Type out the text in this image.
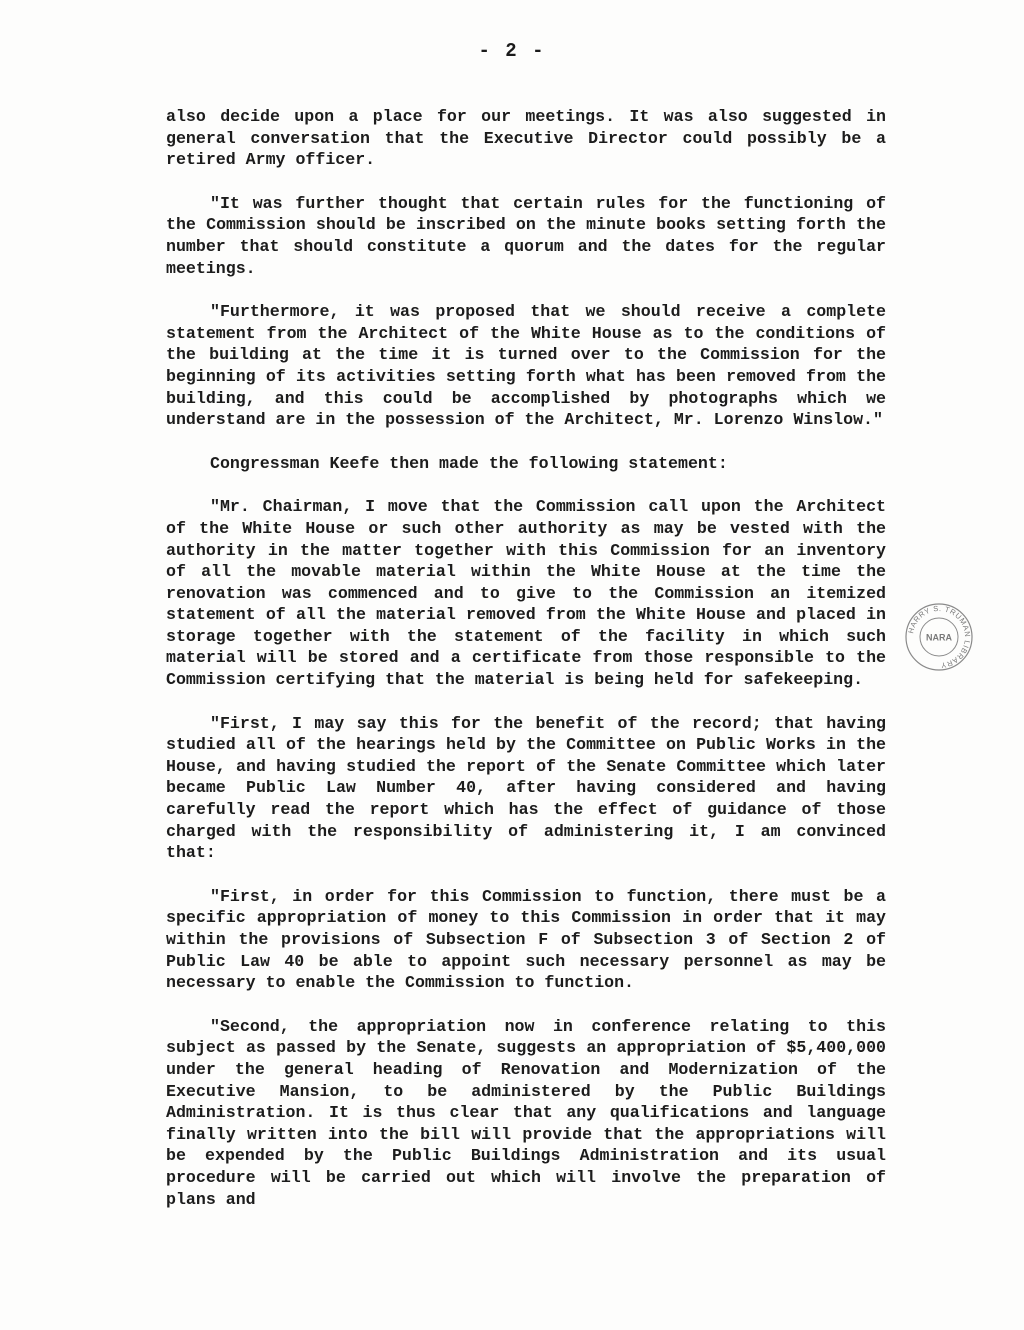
- 2 -

also decide upon a place for our meetings. It was also suggested in general conversation that the Executive Director could possibly be a retired Army officer.

"It was further thought that certain rules for the functioning of the Commission should be inscribed on the minute books setting forth the number that should constitute a quorum and the dates for the regular meetings.

"Furthermore, it was proposed that we should receive a complete statement from the Architect of the White House as to the conditions of the building at the time it is turned over to the Commission for the beginning of its activities setting forth what has been removed from the building, and this could be accomplished by photographs which we understand are in the possession of the Architect, Mr. Lorenzo Winslow."

Congressman Keefe then made the following statement:

"Mr. Chairman, I move that the Commission call upon the Architect of the White House or such other authority as may be vested with the authority in the matter together with this Commission for an inventory of all the movable material within the White House at the time the renovation was commenced and to give to the Commission an itemized statement of all the material removed from the White House and placed in storage together with the statement of the facility in which such material will be stored and a certificate from those responsible to the Commission certifying that the material is being held for safekeeping.

"First, I may say this for the benefit of the record; that having studied all of the hearings held by the Committee on Public Works in the House, and having studied the report of the Senate Committee which later became Public Law Number 40, after having considered and having carefully read the report which has the effect of guidance of those charged with the responsibility of administering it, I am convinced that:

"First, in order for this Commission to function, there must be a specific appropriation of money to this Commission in order that it may within the provisions of Subsection F of Subsection 3 of Section 2 of Public Law 40 be able to appoint such necessary personnel as may be necessary to enable the Commission to function.

"Second, the appropriation now in conference relating to this subject as passed by the Senate, suggests an appropriation of $5,400,000 under the general heading of Renovation and Modernization of the Executive Mansion, to be administered by the Public Buildings Administration. It is thus clear that any qualifications and language finally written into the bill will provide that the appropriations will be expended by the Public Buildings Administration and its usual procedure will be carried out which will involve the preparation of plans and

HARRY S. TRUMAN LIBRARY
NARA
